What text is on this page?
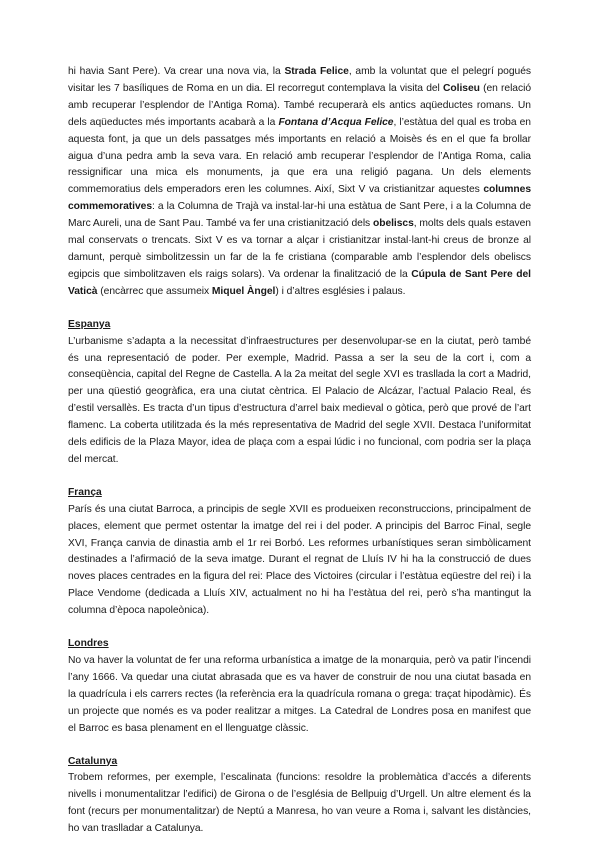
hi havia Sant Pere). Va crear una nova via, la Strada Felice, amb la voluntat que el pelegrí pogués visitar les 7 basíliques de Roma en un dia. El recorregut contemplava la visita del Coliseu (en relació amb recuperar l’esplendor de l’Antiga Roma). També recuperarà els antics aqüeductes romans. Un dels aqüeductes més importants acabarà a la Fontana d’Acqua Felice, l’estàtua del qual es troba en aquesta font, ja que un dels passatges més importants en relació a Moisès és en el que fa brollar aigua d’una pedra amb la seva vara. En relació amb recuperar l’esplendor de l’Antiga Roma, calia ressignificar una mica els monuments, ja que era una religió pagana. Un dels elements commemoratius dels emperadors eren les columnes. Així, Sixt V va cristianitzar aquestes columnes commemoratives: a la Columna de Trajà va instal·lar-hi una estàtua de Sant Pere, i a la Columna de Marc Aureli, una de Sant Pau. També va fer una cristianització dels obeliscs, molts dels quals estaven mal conservats o trencats. Sixt V es va tornar a alçar i cristianitzar instal·lant-hi creus de bronze al damunt, perquè simbolitzessin un far de la fe cristiana (comparable amb l’esplendor dels obeliscs egipcis que simbolitzaven els raigs solars). Va ordenar la finalització de la Cúpula de Sant Pere del Vaticà (encàrrec que assumeix Miquel Àngel) i d’altres esglésies i palaus.

Espanya

L’urbanisme s’adapta a la necessitat d’infraestructures per desenvolupar-se en la ciutat, però també és una representació de poder. Per exemple, Madrid. Passa a ser la seu de la cort i, com a conseqüència, capital del Regne de Castella. A la 2a meitat del segle XVI es trasllada la cort a Madrid, per una qüestió geogràfica, era una ciutat cèntrica. El Palacio de Alcázar, l’actual Palacio Real, és d’estil versallès. Es tracta d’un tipus d’estructura d’arrel baix medieval o gòtica, però que prové de l’art flamenc. La coberta utilitzada és la més representativa de Madrid del segle XVII. Destaca l’uniformitat dels edificis de la Plaza Mayor, idea de plaça com a espai lúdic i no funcional, com podria ser la plaça del mercat.

França

París és una ciutat Barroca, a principis de segle XVII es produeixen reconstruccions, principalment de places, element que permet ostentar la imatge del rei i del poder. A principis del Barroc Final, segle XVI, França canvia de dinastia amb el 1r rei Borbó. Les reformes urbanístiques seran simbòlicament destinades a l’afirmació de la seva imatge. Durant el regnat de Lluís IV hi ha la construcció de dues noves places centrades en la figura del rei: Place des Victoires (circular i l’estàtua eqüestre del rei) i la Place Vendome (dedicada a Lluís XIV, actualment no hi ha l’estàtua del rei, però s’ha mantingut la columna d’època napoleònica).

Londres

No va haver la voluntat de fer una reforma urbanística a imatge de la monarquia, però va patir l’incendi l’any 1666. Va quedar una ciutat abrasada que es va haver de construir de nou una ciutat basada en la quadrícula i els carrers rectes (la referència era la quadrícula romana o grega: traçat hipodàmic). És un projecte que només es va poder realitzar a mitges. La Catedral de Londres posa en manifest que el Barroc es basa plenament en el llenguatge clàssic.

Catalunya

Trobem reformes, per exemple, l’escalinata (funcions: resoldre la problemàtica d’accés a diferents nivells i monumentalitzar l’edifici) de Girona o de l’església de Bellpuig d’Urgell. Un altre element és la font (recurs per monumentalitzar) de Neptú a Manresa, ho van veure a Roma i, salvant les distàncies, ho van traslladar a Catalunya.
